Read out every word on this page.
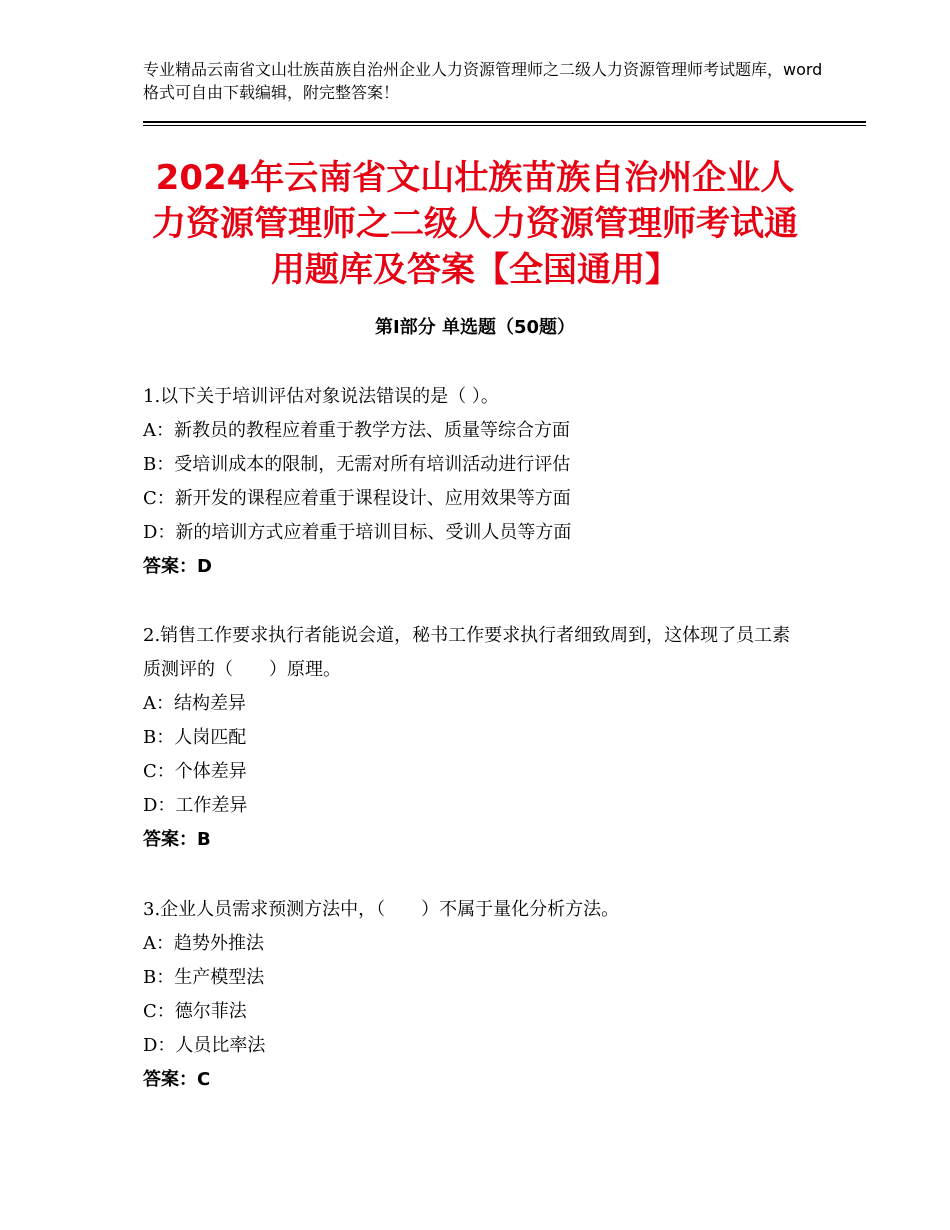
专业精品云南省文山壮族苗族自治州企业人力资源管理师之二级人力资源管理师考试题库，word格式可自由下载编辑，附完整答案！
2024年云南省文山壮族苗族自治州企业人力资源管理师之二级人力资源管理师考试通用题库及答案【全国通用】
第Ⅰ部分 单选题（50题）
1.以下关于培训评估对象说法错误的是（ ）。
A：新教员的教程应着重于教学方法、质量等综合方面
B：受培训成本的限制，无需对所有培训活动进行评估
C：新开发的课程应着重于课程设计、应用效果等方面
D：新的培训方式应着重于培训目标、受训人员等方面
答案：D
2.销售工作要求执行者能说会道，秘书工作要求执行者细致周到，这体现了员工素质测评的（　　）原理。
A：结构差异
B：人岗匹配
C：个体差异
D：工作差异
答案：B
3.企业人员需求预测方法中，（　　）不属于量化分析方法。
A：趋势外推法
B：生产模型法
C：德尔菲法
D：人员比率法
答案：C
